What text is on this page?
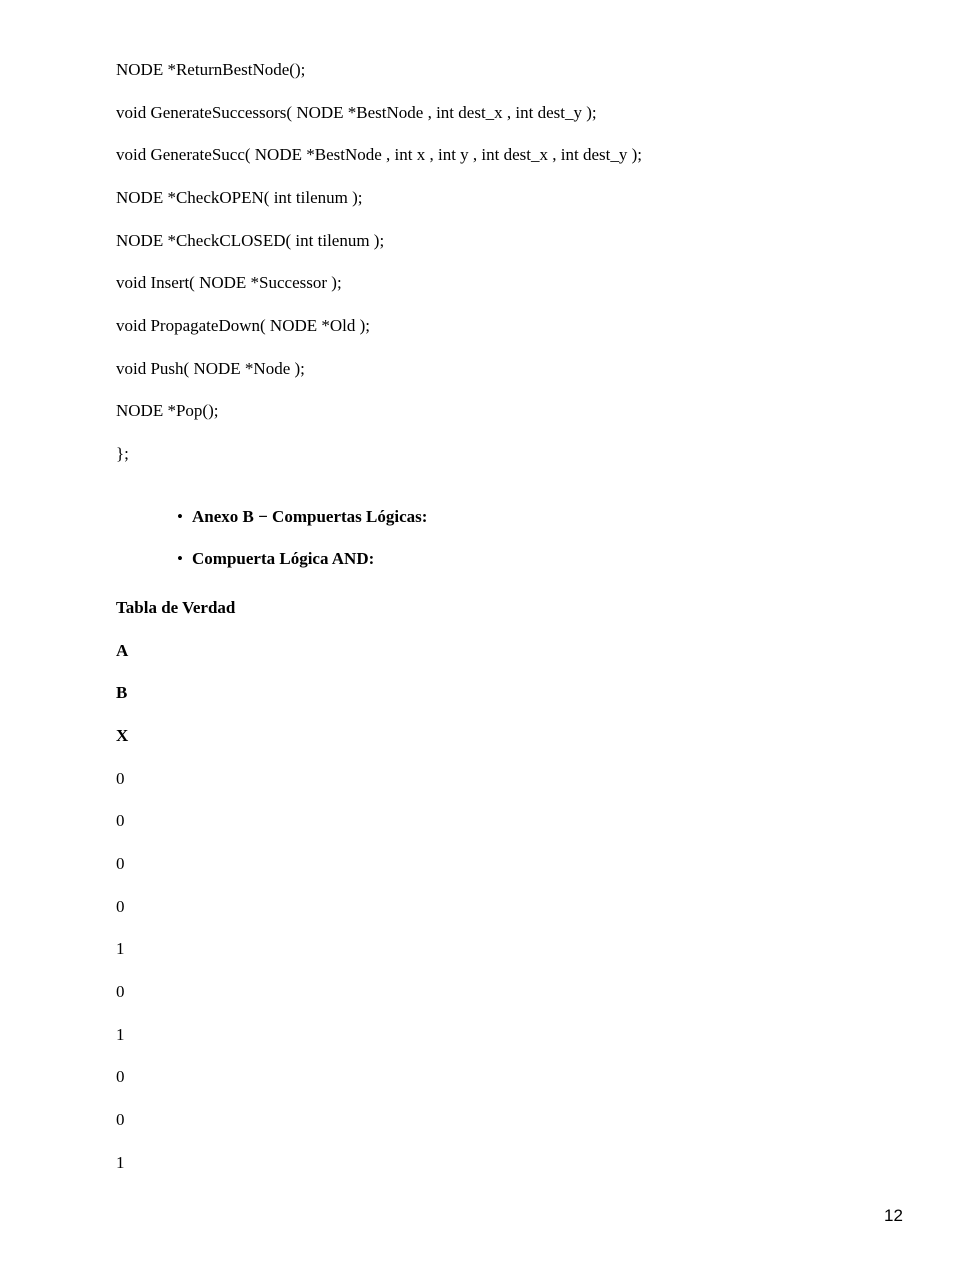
NODE *ReturnBestNode();
void GenerateSuccessors( NODE *BestNode , int dest_x , int dest_y );
void GenerateSucc( NODE *BestNode , int x , int y , int dest_x , int dest_y );
NODE *CheckOPEN( int tilenum );
NODE *CheckCLOSED( int tilenum );
void Insert( NODE *Successor );
void PropagateDown( NODE *Old );
void Push( NODE *Node );
NODE *Pop();
};

• Anexo B − Compuertas Lógicas:

• Compuerta Lógica AND:

Tabla de Verdad
A
B
X
0
0
0
0
1
0
1
0
0
1
12
